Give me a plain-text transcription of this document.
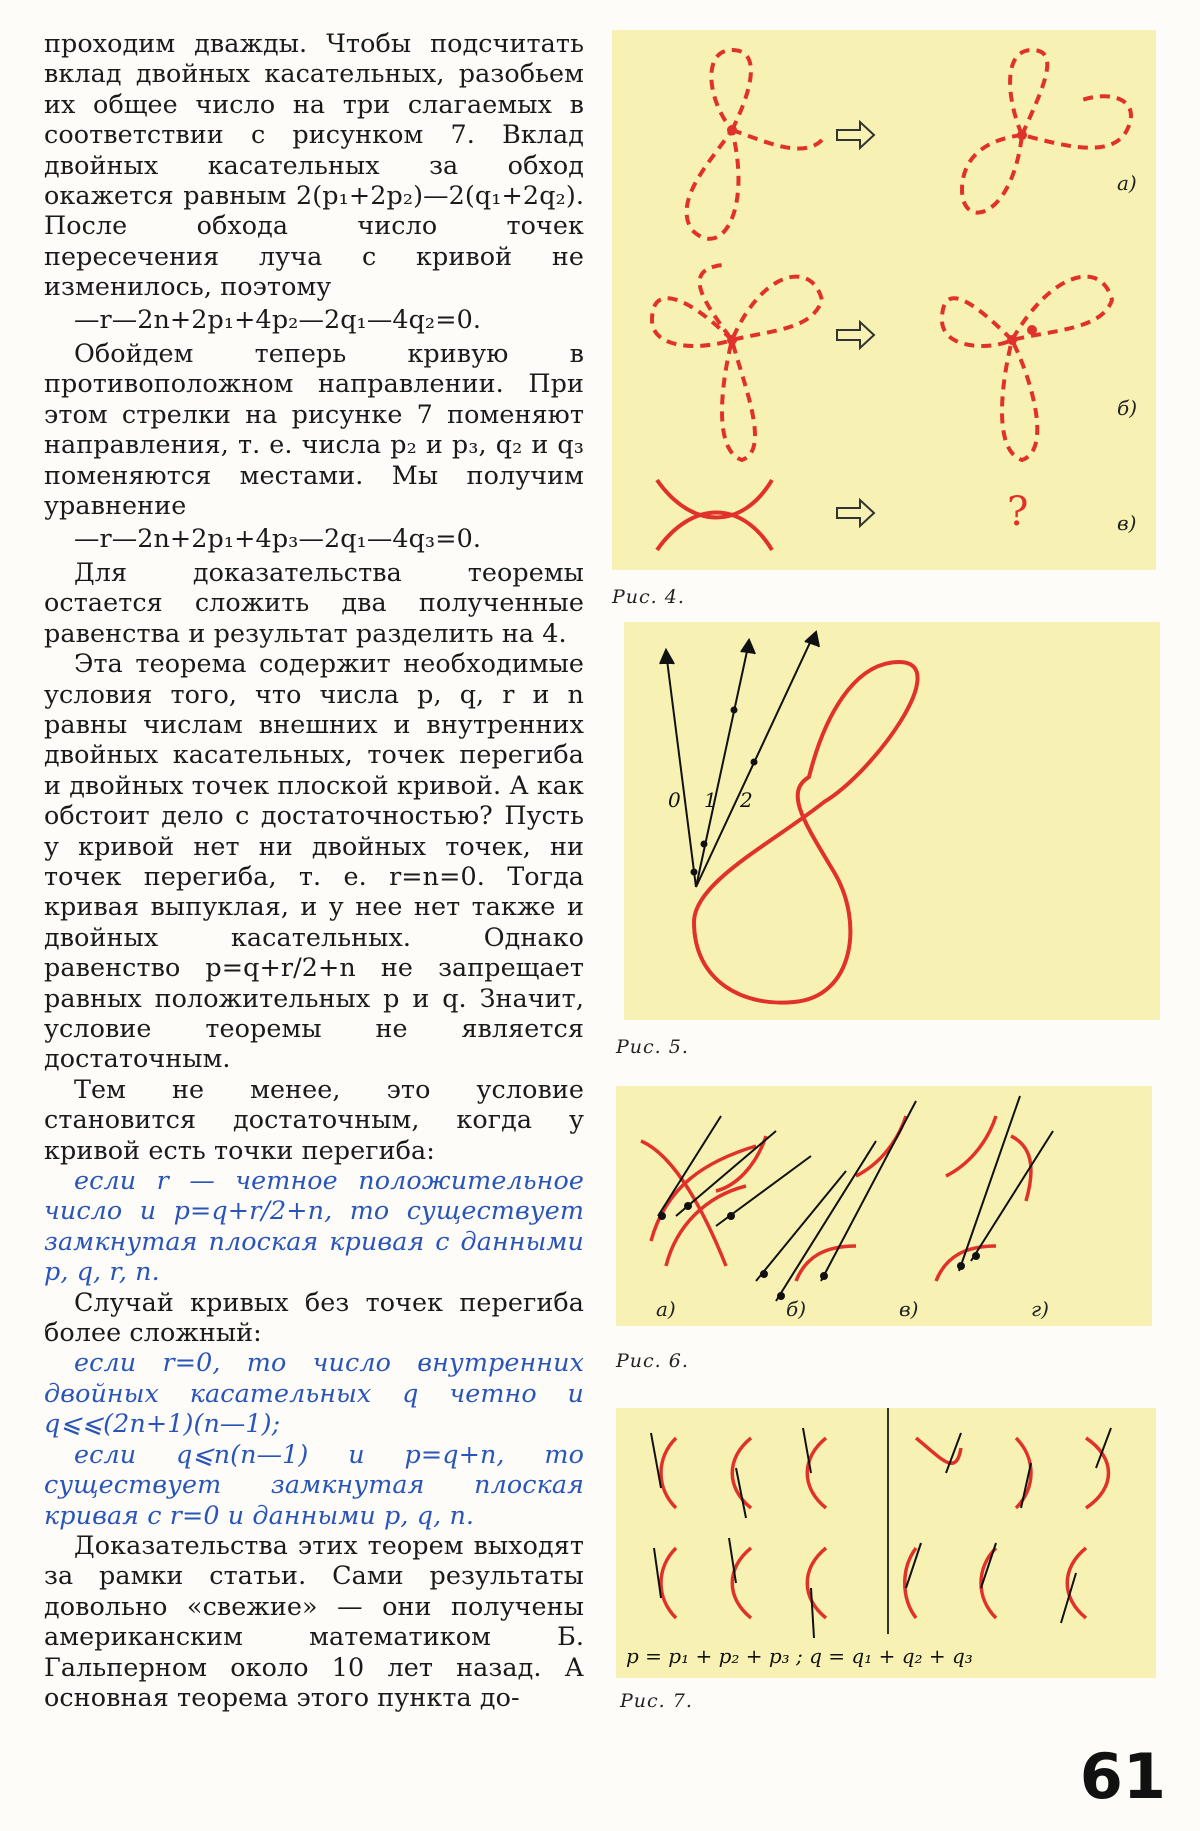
проходим дважды. Чтобы подсчитать вклад двойных касательных, разобьем их общее число на три слагаемых в соответствии с рисунком 7. Вклад двойных касательных за обход окажется равным 2(p₁+2p₂)—2(q₁+2q₂). После обхода число точек пересечения луча с кривой не изменилось, поэтому

—r—2n+2p₁+4p₂—2q₁—4q₂=0.

Обойдем теперь кривую в противоположном направлении. При этом стрелки на рисунке 7 поменяют направления, т. е. числа p₂ и p₃, q₂ и q₃ поменяются местами. Мы получим уравнение

—r—2n+2p₁+4p₃—2q₁—4q₃=0.

Для доказательства теоремы остается сложить два полученные равенства и результат разделить на 4.

Эта теорема содержит необходимые условия того, что числа p, q, r и n равны числам внешних и внутренних двойных касательных, точек перегиба и двойных точек плоской кривой. А как обстоит дело с достаточностью? Пусть у кривой нет ни двойных точек, ни точек перегиба, т. е. r=n=0. Тогда кривая выпуклая, и у нее нет также и двойных касательных. Однако равенство p=q+r/2+n не запрещает равных положительных p и q. Значит, условие теоремы не является достаточным.

Тем не менее, это условие становится достаточным, когда у кривой есть точки перегиба:

если r — четное положительное число и p=q+r/2+n, то существует замкнутая плоская кривая с данными p, q, r, n.

Случай кривых без точек перегиба более сложный:

если r=0, то число внутренних двойных касательных q четно и q⩽⩽(2n+1)(n—1);

если q⩽n(n—1) и p=q+n, то существует замкнутая плоская кривая с r=0 и данными p, q, n.

Доказательства этих теорем выходят за рамки статьи. Сами результаты довольно «свежие» — они получены американским математиком Б. Гальперном около 10 лет назад. А основная теорема этого пункта до-

а)
б)
в)
?
Рис. 4.
0 1 2
Рис. 5.
а)	б)	в)	г)
Рис. 6.
p = p₁ + p₂ + p₃ ; q = q₁ + q₂ + q₃
Рис. 7.
61
